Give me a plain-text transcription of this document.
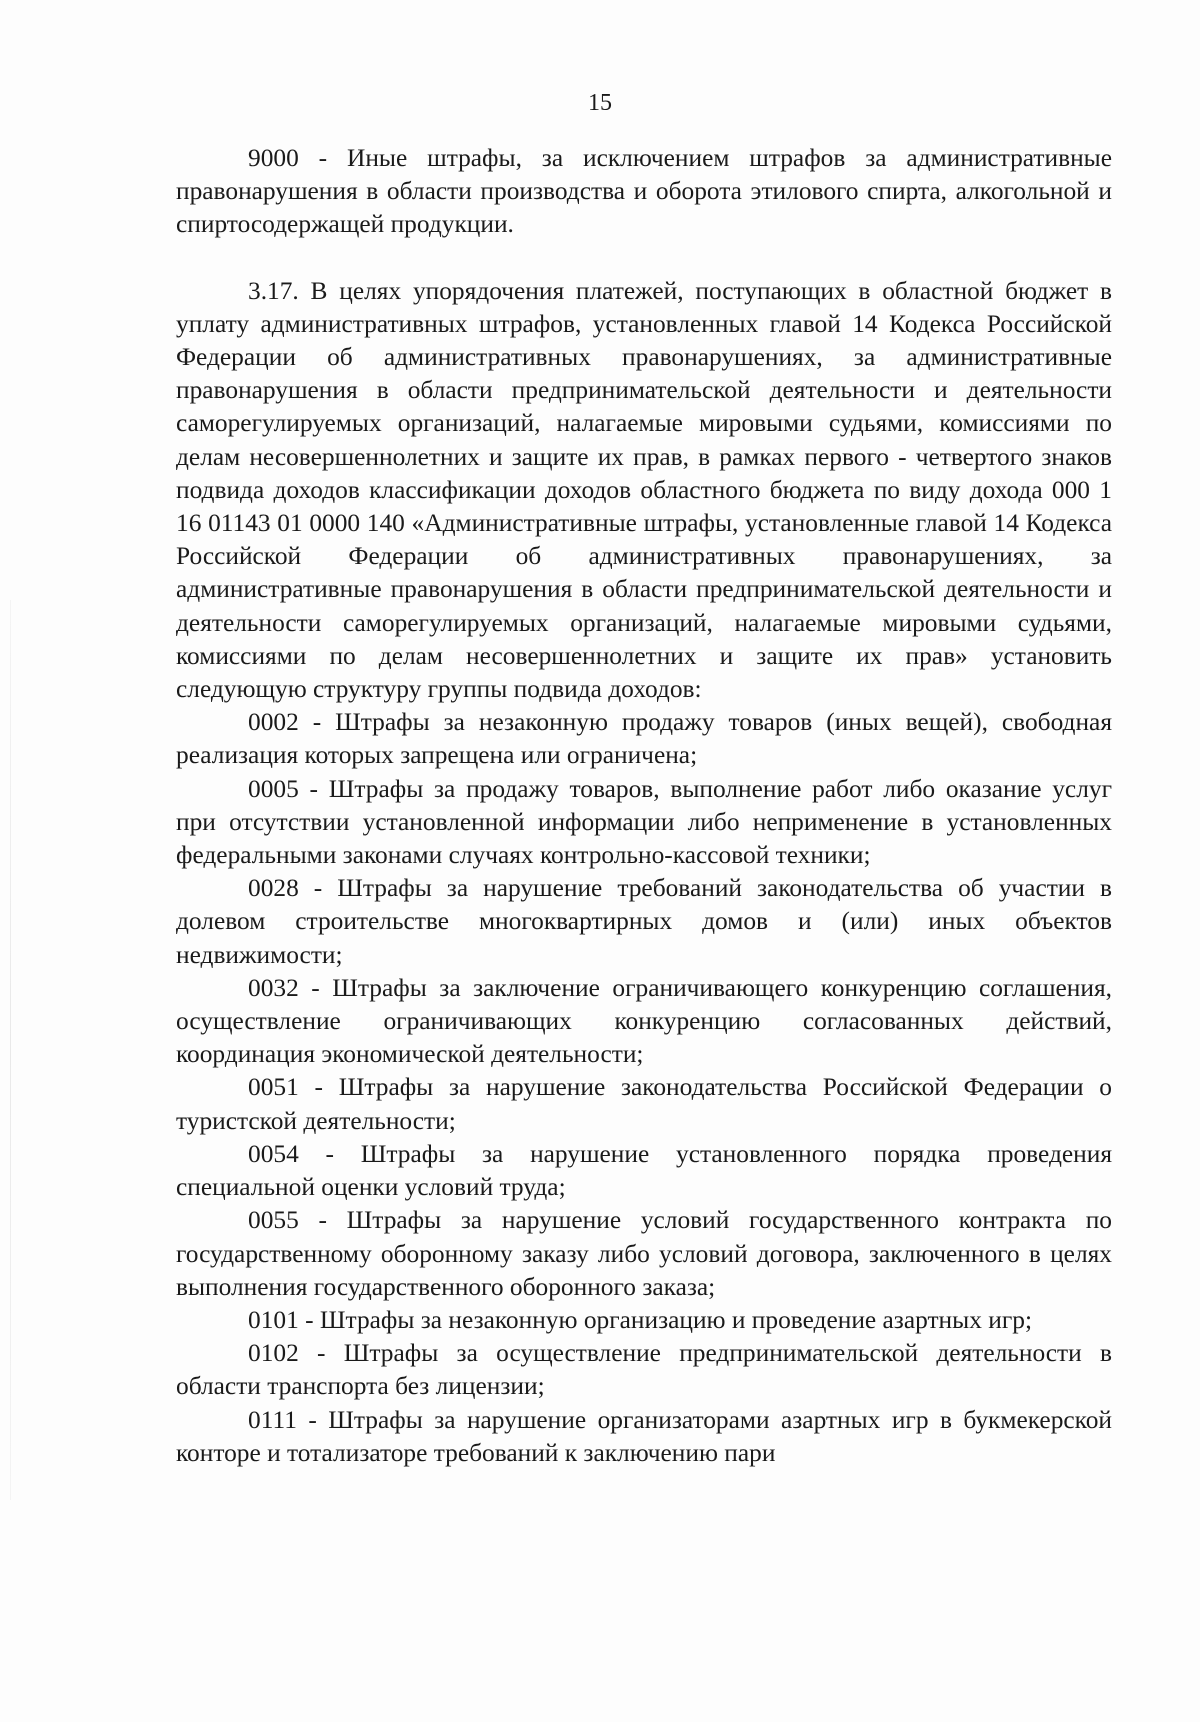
15

9000 - Иные штрафы, за исключением штрафов за административные правонарушения в области производства и оборота этилового спирта, алкогольной и спиртосодержащей продукции.

3.17. В целях упорядочения платежей, поступающих в областной бюджет в уплату административных штрафов, установленных главой 14 Кодекса Российской Федерации об административных правонарушениях, за административные правонарушения в области предпринимательской деятельности и деятельности саморегулируемых организаций, налагаемые мировыми судьями, комиссиями по делам несовершеннолетних и защите их прав, в рамках первого - четвертого знаков подвида доходов классификации доходов областного бюджета по виду дохода 000 1 16 01143 01 0000 140 «Административные штрафы, установленные главой 14 Кодекса Российской Федерации об административных правонарушениях, за административные правонарушения в области предпринимательской деятельности и деятельности саморегулируемых организаций, налагаемые мировыми судьями, комиссиями по делам несовершеннолетних и защите их прав» установить следующую структуру группы подвида доходов:

0002 - Штрафы за незаконную продажу товаров (иных вещей), свободная реализация которых запрещена или ограничена;

0005 - Штрафы за продажу товаров, выполнение работ либо оказание услуг при отсутствии установленной информации либо неприменение в установленных федеральными законами случаях контрольно-кассовой техники;

0028 - Штрафы за нарушение требований законодательства об участии в долевом строительстве многоквартирных домов и (или) иных объектов недвижимости;

0032 - Штрафы за заключение ограничивающего конкуренцию соглашения, осуществление ограничивающих конкуренцию согласованных действий, координация экономической деятельности;

0051 - Штрафы за нарушение законодательства Российской Федерации о туристской деятельности;

0054 - Штрафы за нарушение установленного порядка проведения специальной оценки условий труда;

0055 - Штрафы за нарушение условий государственного контракта по государственному оборонному заказу либо условий договора, заключенного в целях выполнения государственного оборонного заказа;

0101 - Штрафы за незаконную организацию и проведение азартных игр;

0102 - Штрафы за осуществление предпринимательской деятельности в области транспорта без лицензии;

0111 - Штрафы за нарушение организаторами азартных игр в букмекерской конторе и тотализаторе требований к заключению пари
